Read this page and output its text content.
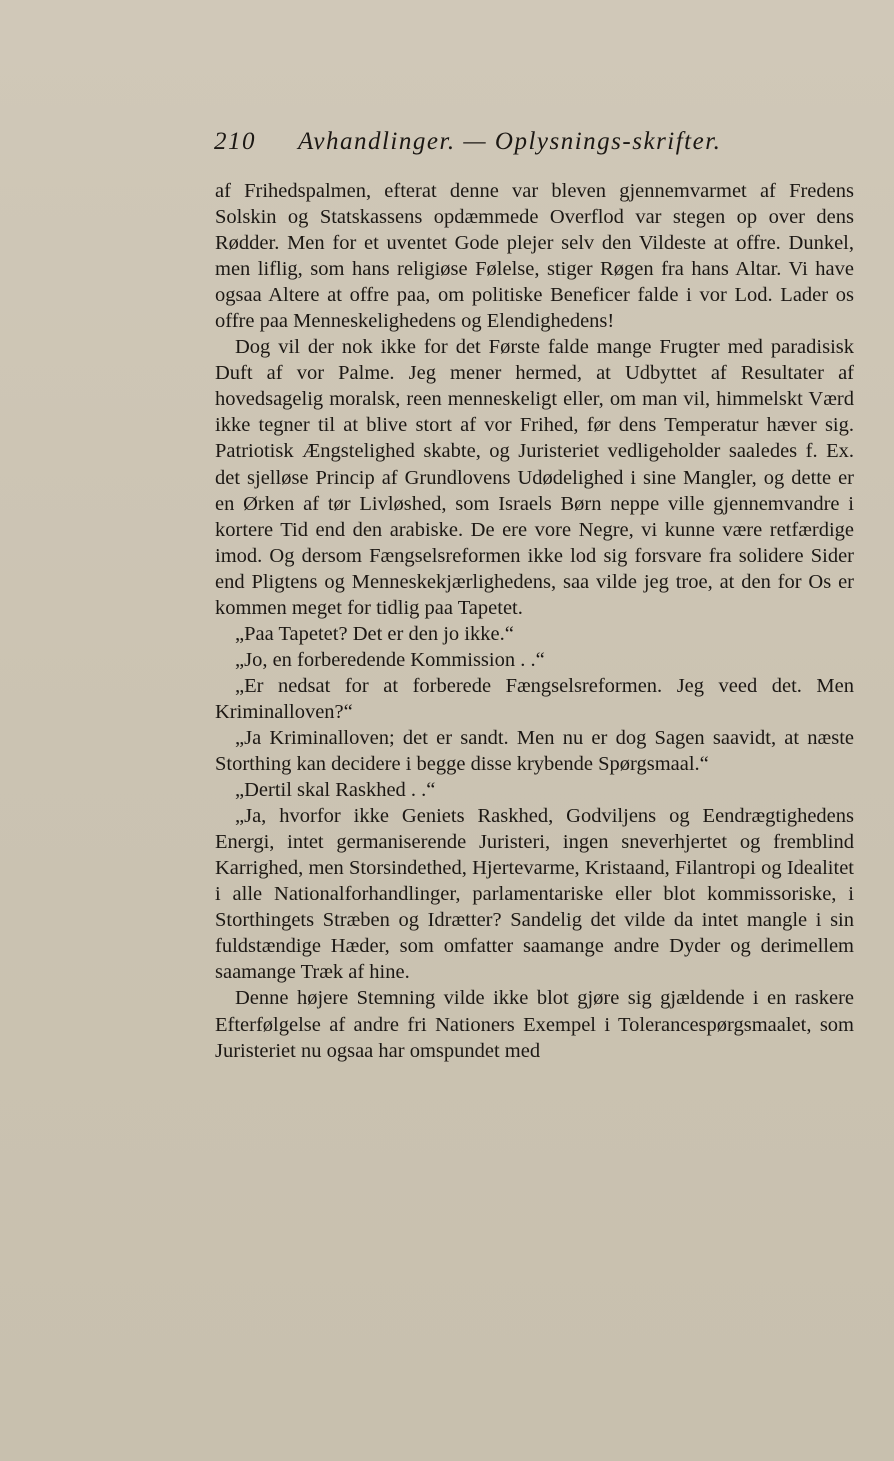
210 Avhandlinger. — Oplysnings-skrifter.

af Frihedspalmen, efterat denne var bleven gjennemvarmet af Fredens Solskin og Statskassens opdæmmede Overflod var stegen op over dens Rødder. Men for et uventet Gode plejer selv den Vildeste at offre. Dunkel, men liflig, som hans religiøse Følelse, stiger Røgen fra hans Altar. Vi have ogsaa Altere at offre paa, om politiske Beneficer falde i vor Lod. Lader os offre paa Menneskelighedens og Elendighedens!

Dog vil der nok ikke for det Første falde mange Frugter med paradisisk Duft af vor Palme. Jeg mener hermed, at Udbyttet af Resultater af hovedsagelig moralsk, reen menneskeligt eller, om man vil, himmelskt Værd ikke tegner til at blive stort af vor Frihed, før dens Temperatur hæver sig. Patriotisk Ængstelighed skabte, og Juristeriet vedligeholder saaledes f. Ex. det sjelløse Princip af Grundlovens Udødelighed i sine Mangler, og dette er en Ørken af tør Livløshed, som Israels Børn neppe ville gjennemvandre i kortere Tid end den arabiske. De ere vore Negre, vi kunne være retfærdige imod. Og dersom Fængselsreformen ikke lod sig forsvare fra solidere Sider end Pligtens og Menneskekjærlighedens, saa vilde jeg troe, at den for Os er kommen meget for tidlig paa Tapetet.

„Paa Tapetet? Det er den jo ikke.“

„Jo, en forberedende Kommission . .“

„Er nedsat for at forberede Fængselsreformen. Jeg veed det. Men Kriminalloven?“

„Ja Kriminalloven; det er sandt. Men nu er dog Sagen saavidt, at næste Storthing kan decidere i begge disse krybende Spørgsmaal.“

„Dertil skal Raskhed . .“

„Ja, hvorfor ikke Geniets Raskhed, Godviljens og Eendrægtighedens Energi, intet germaniserende Juristeri, ingen sneverhjertet og fremblind Karrighed, men Storsindethed, Hjertevarme, Kristaand, Filantropi og Idealitet i alle Nationalforhandlinger, parlamentariske eller blot kommissoriske, i Storthingets Stræben og Idrætter? Sandelig det vilde da intet mangle i sin fuldstændige Hæder, som omfatter saamange andre Dyder og derimellem saamange Træk af hine.

Denne højere Stemning vilde ikke blot gjøre sig gjældende i en raskere Efterfølgelse af andre fri Nationers Exempel i Tolerancespørgsmaalet, som Juristeriet nu ogsaa har omspundet med
